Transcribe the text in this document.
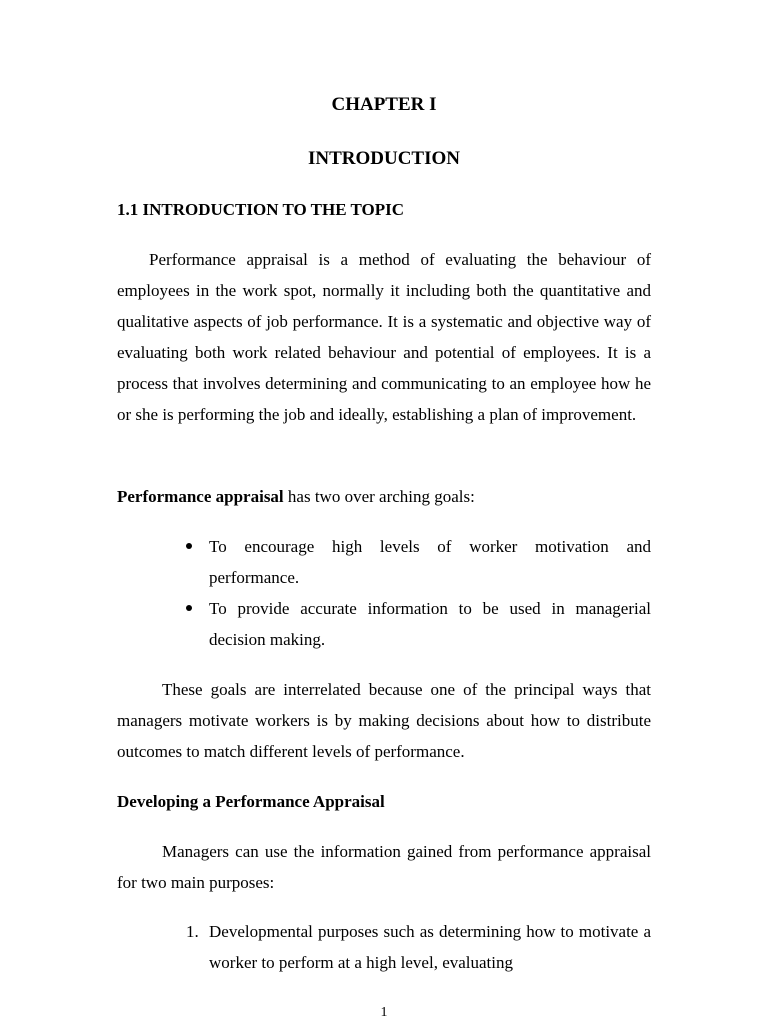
CHAPTER I
INTRODUCTION
1.1 INTRODUCTION TO THE TOPIC

Performance appraisal is a method of evaluating the behaviour of employees in the work spot, normally it including both the quantitative and qualitative aspects of job performance. It is a systematic and objective way of evaluating both work related behaviour and potential of employees. It is a process that involves determining and communicating to an employee how he or she is performing the job and ideally, establishing a plan of improvement.

Performance appraisal has two over arching goals:
To encourage high levels of worker motivation and performance.
To provide accurate information to be used in managerial decision making.

These goals are interrelated because one of the principal ways that managers motivate workers is by making decisions about how to distribute outcomes to match different levels of performance.

Developing a Performance Appraisal

Managers can use the information gained from performance appraisal for two main purposes:

1. Developmental purposes such as determining how to motivate a worker to perform at a high level, evaluating
1
